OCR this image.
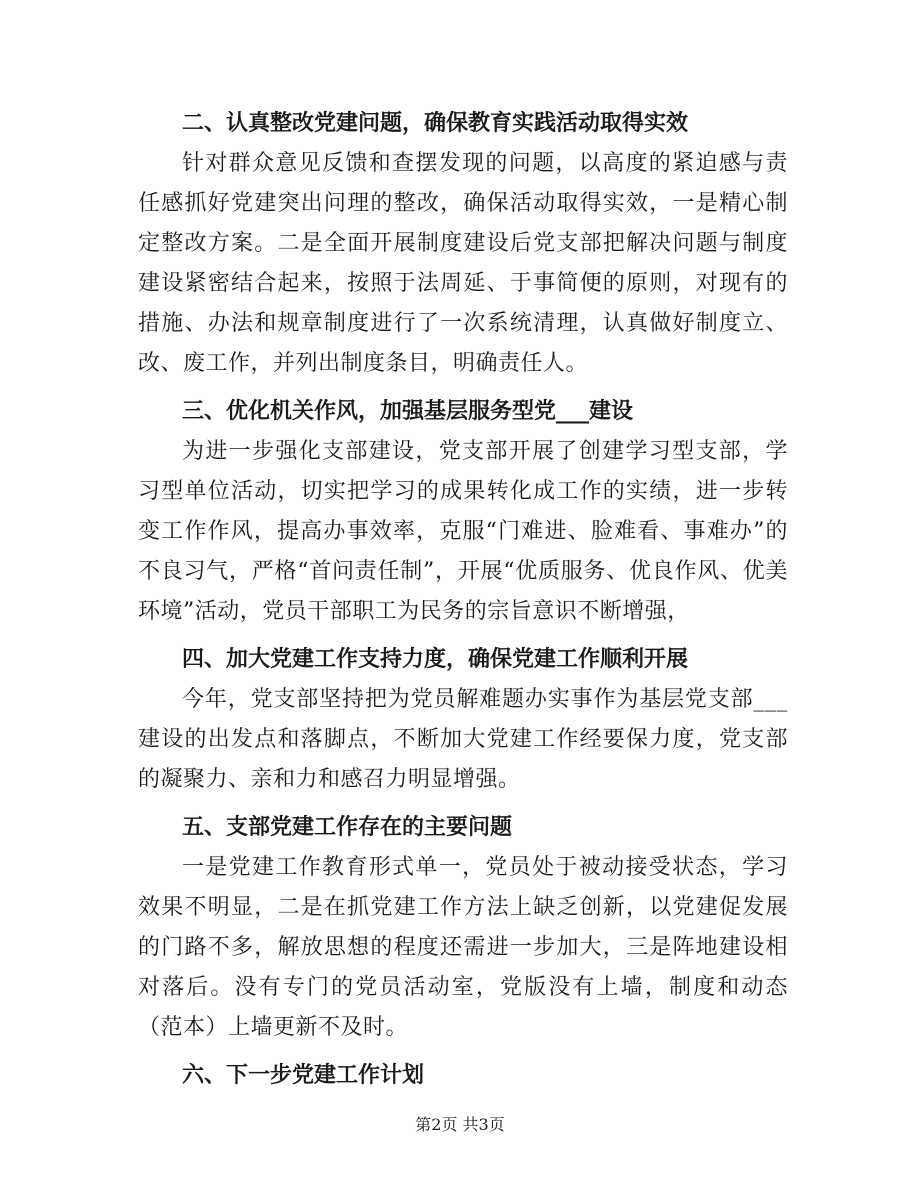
二、认真整改党建问题，确保教育实践活动取得实效

针对群众意见反馈和查摆发现的问题，以高度的紧迫感与责任感抓好党建突出问理的整改，确保活动取得实效，一是精心制定整改方案。二是全面开展制度建设后党支部把解决问题与制度建设紧密结合起来，按照于法周延、于事简便的原则，对现有的措施、办法和规章制度进行了一次系统清理，认真做好制度立、改、废工作，并列出制度条目，明确责任人。

三、优化机关作风，加强基层服务型党___建设

为进一步强化支部建设，党支部开展了创建学习型支部，学习型单位活动，切实把学习的成果转化成工作的实绩，进一步转变工作作风，提高办事效率，克服“门难进、脸难看、事难办”的不良习气，严格“首问责任制”，开展“优质服务、优良作风、优美环境”活动，党员干部职工为民务的宗旨意识不断增强，

四、加大党建工作支持力度，确保党建工作顺利开展

今年，党支部坚持把为党员解难题办实事作为基层党支部___建设的出发点和落脚点，不断加大党建工作经要保力度，党支部的凝聚力、亲和力和感召力明显增强。

五、支部党建工作存在的主要问题

一是党建工作教育形式单一，党员处于被动接受状态，学习效果不明显，二是在抓党建工作方法上缺乏创新，以党建促发展的门路不多，解放思想的程度还需进一步加大，三是阵地建设相对落后。没有专门的党员活动室，党版没有上墙，制度和动态（范本）上墙更新不及时。

六、下一步党建工作计划
第2页 共3页
